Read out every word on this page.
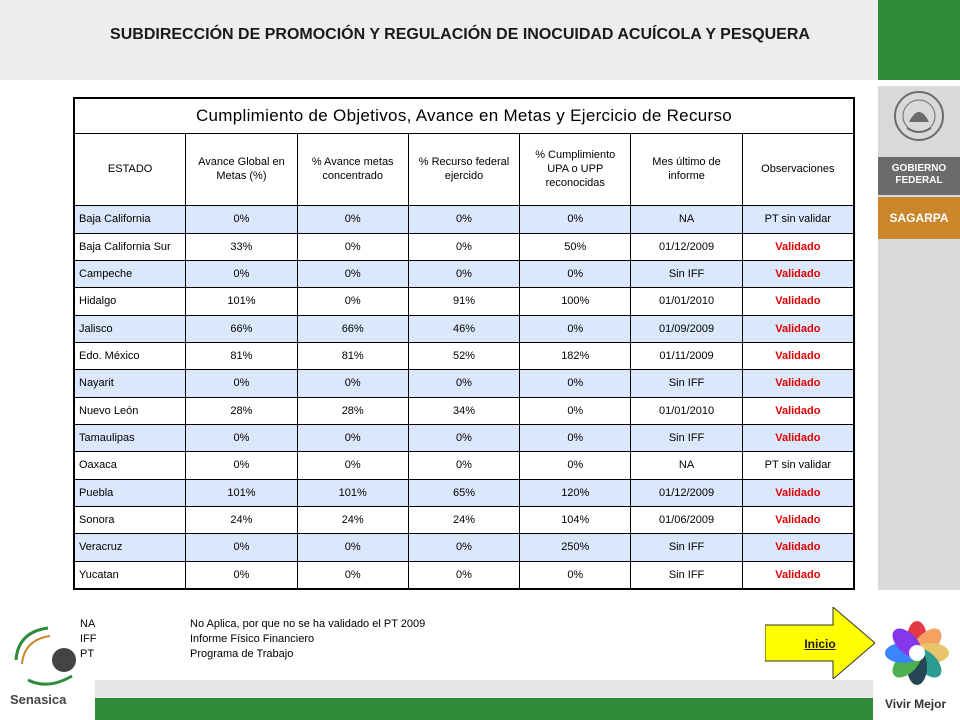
SUBDIRECCIÓN DE PROMOCIÓN Y REGULACIÓN DE INOCUIDAD ACUÍCOLA Y PESQUERA
GOBIERNO
FEDERAL
SAGARPA
Cumplimiento de Objetivos, Avance en Metas y Ejercicio de Recurso						
ESTADO	Avance Global en Metas (%)	% Avance metas concentrado	% Recurso federal ejercido	% Cumplimiento UPA o UPP reconocidas	Mes último de informe	Observaciones
Baja California	0%	0%	0%	0%	NA	PT sin validar
Baja California Sur	33%	0%	0%	50%	01/12/2009	Validado
Campeche	0%	0%	0%	0%	Sin IFF	Validado
Hidalgo	101%	0%	91%	100%	01/01/2010	Validado
Jalisco	66%	66%	46%	0%	01/09/2009	Validado
Edo. México	81%	81%	52%	182%	01/11/2009	Validado
Nayarit	0%	0%	0%	0%	Sin IFF	Validado
Nuevo León	28%	28%	34%	0%	01/01/2010	Validado
Tamaulipas	0%	0%	0%	0%	Sin IFF	Validado
Oaxaca	0%	0%	0%	0%	NA	PT sin validar
Puebla	101%	101%	65%	120%	01/12/2009	Validado
Sonora	24%	24%	24%	104%	01/06/2009	Validado
Veracruz	0%	0%	0%	250%	Sin IFF	Validado
Yucatan	0%	0%	0%	0%	Sin IFF	Validado
NA	No Aplica, por que no se ha validado el PT 2009
IFF	Informe Físico Financiero
PT	Programa de Trabajo
Inicio
Senasica	Vivir Mejor
